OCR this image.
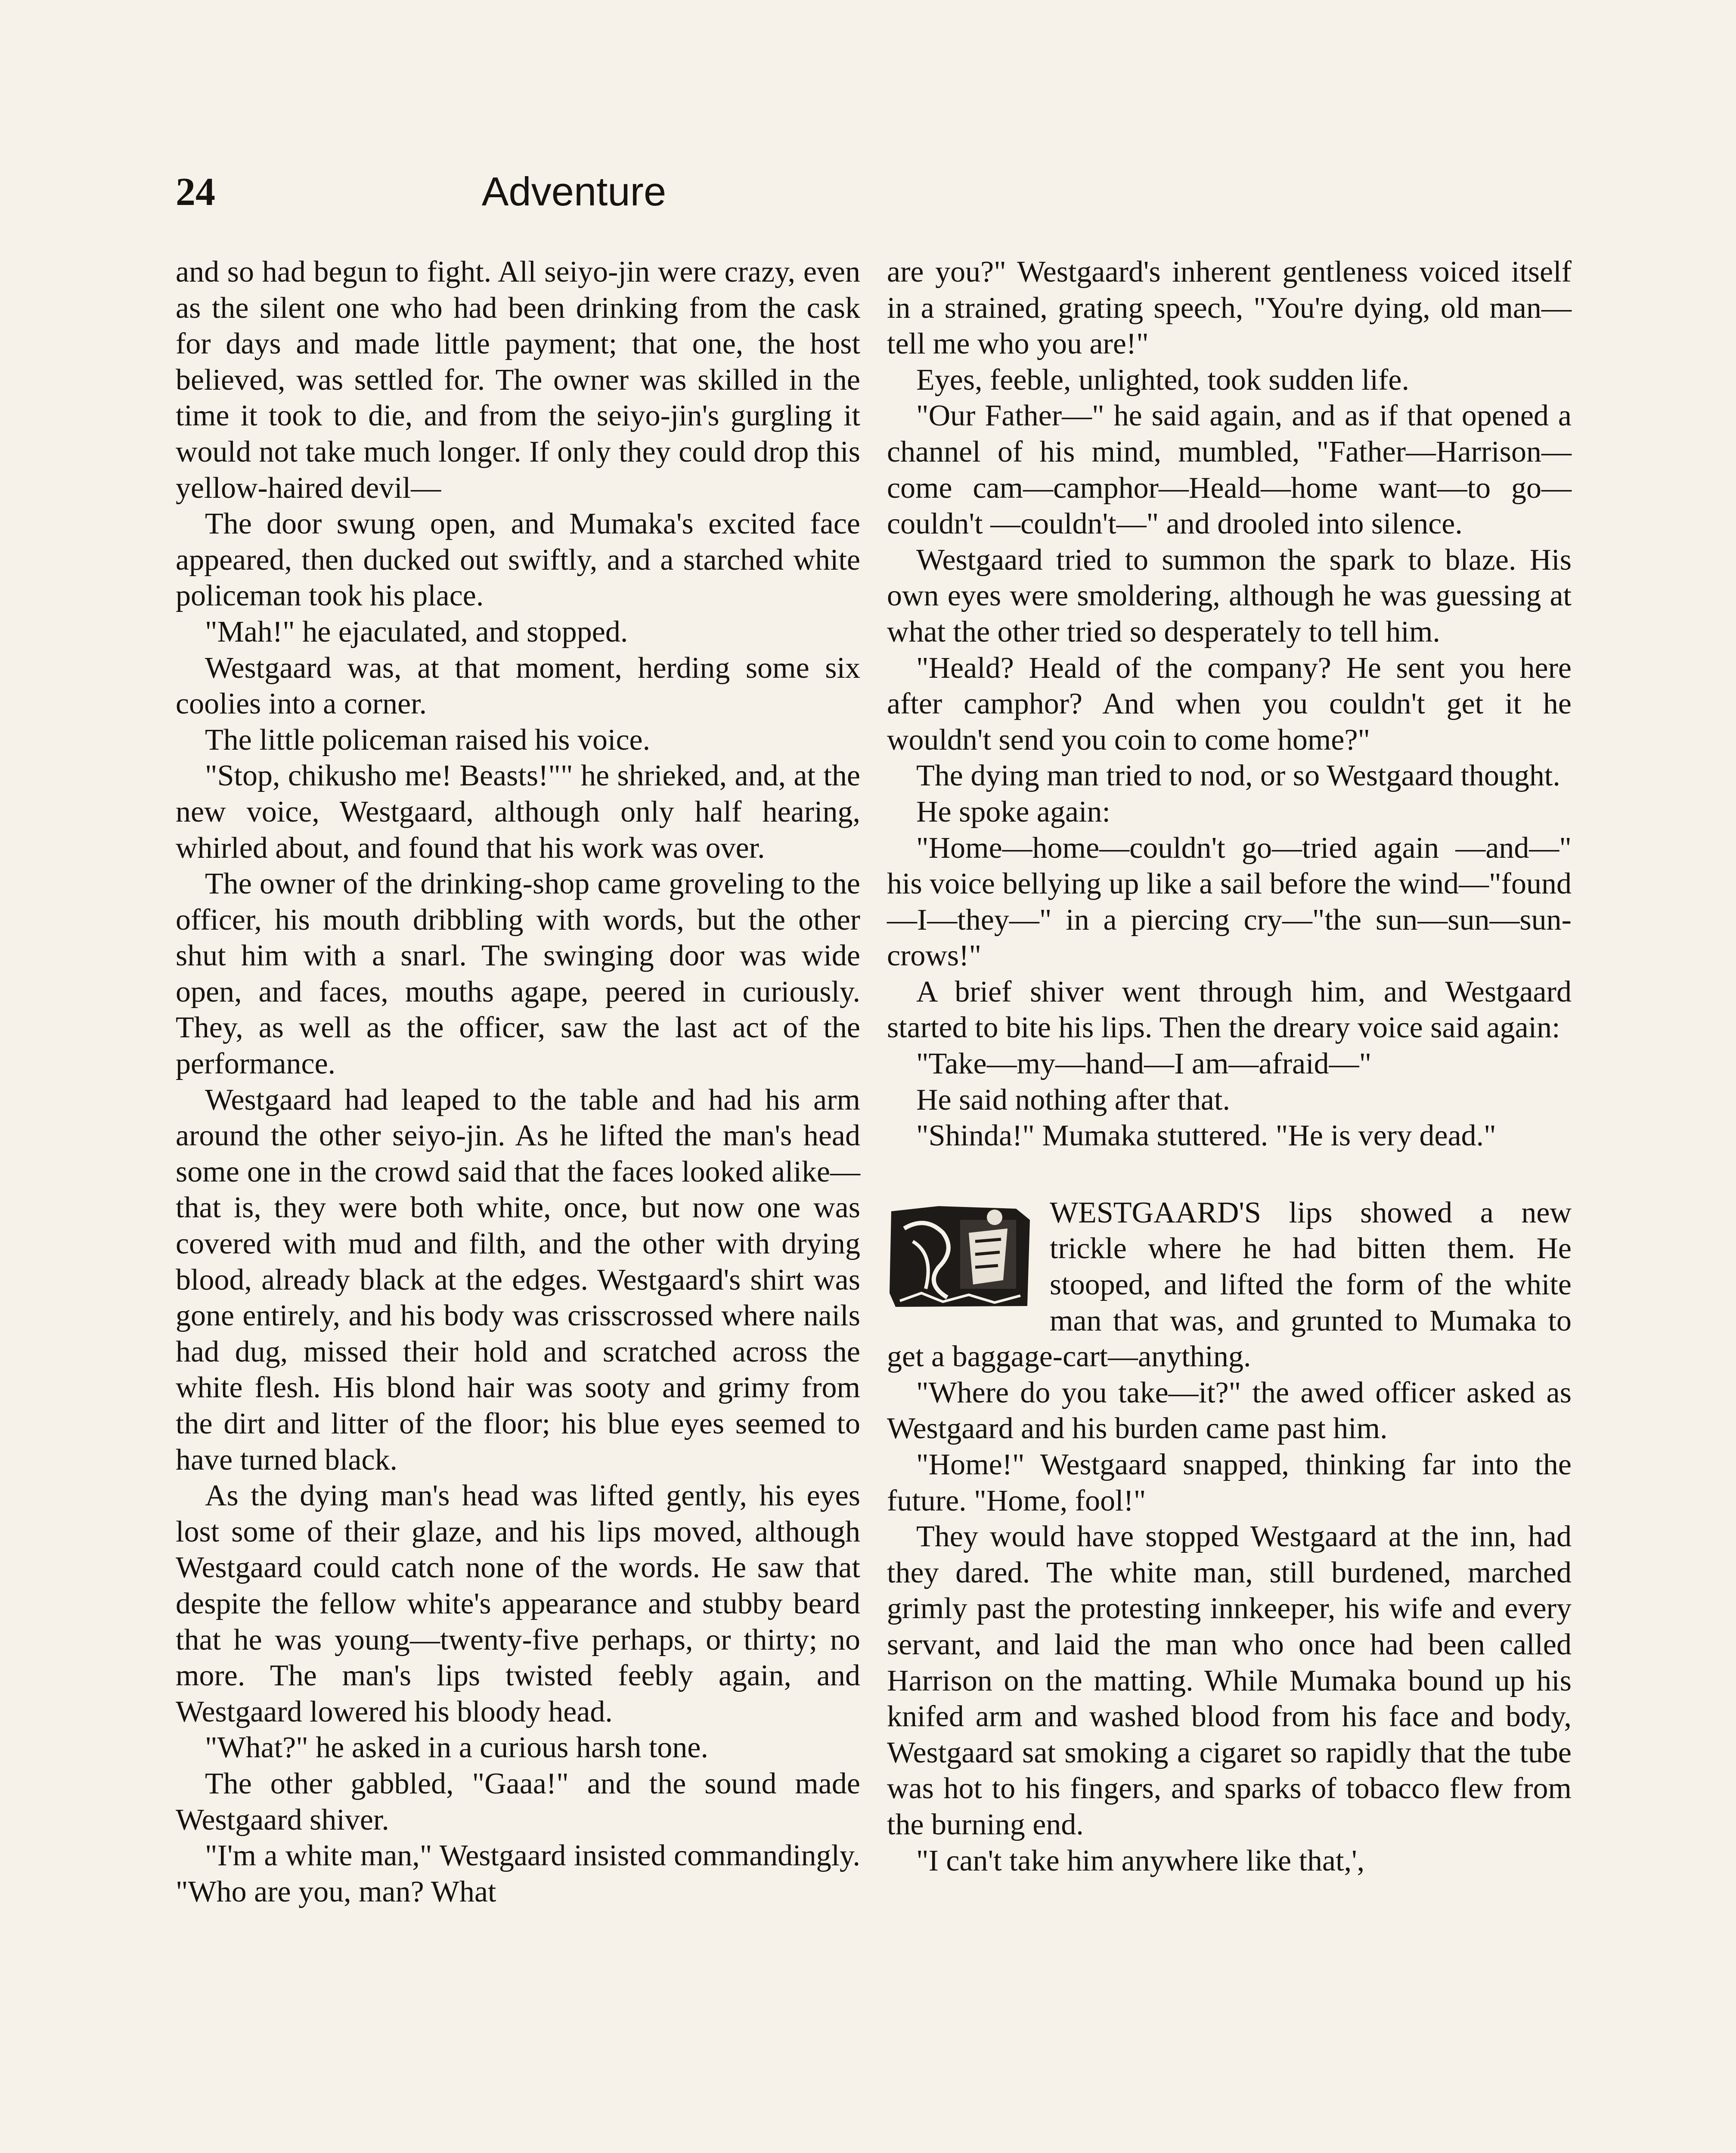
24	Adventure

and so had begun to fight. All seiyo-jin were crazy, even as the silent one who had been drinking from the cask for days and made little payment; that one, the host believed, was settled for. The owner was skilled in the time it took to die, and from the seiyo-jin's gurgling it would not take much longer. If only they could drop this yellow-haired devil—

The door swung open, and Mumaka's excited face appeared, then ducked out swiftly, and a starched white policeman took his place.

"Mah!" he ejaculated, and stopped.

Westgaard was, at that moment, herding some six coolies into a corner.

The little policeman raised his voice.

"Stop, chikusho me! Beasts!"" he shrieked, and, at the new voice, Westgaard, although only half hearing, whirled about, and found that his work was over.

The owner of the drinking-shop came groveling to the officer, his mouth dribbling with words, but the other shut him with a snarl. The swinging door was wide open, and faces, mouths agape, peered in curiously. They, as well as the officer, saw the last act of the performance.

Westgaard had leaped to the table and had his arm around the other seiyo-jin. As he lifted the man's head some one in the crowd said that the faces looked alike—that is, they were both white, once, but now one was covered with mud and filth, and the other with drying blood, already black at the edges. Westgaard's shirt was gone entirely, and his body was crisscrossed where nails had dug, missed their hold and scratched across the white flesh. His blond hair was sooty and grimy from the dirt and litter of the floor; his blue eyes seemed to have turned black.

As the dying man's head was lifted gently, his eyes lost some of their glaze, and his lips moved, although Westgaard could catch none of the words. He saw that despite the fellow white's appearance and stubby beard that he was young—twenty-five perhaps, or thirty; no more. The man's lips twisted feebly again, and Westgaard lowered his bloody head.

"What?" he asked in a curious harsh tone.

The other gabbled, "Gaaa!" and the sound made Westgaard shiver.

"I'm a white man," Westgaard insisted commandingly. "Who are you, man? What

are you?" Westgaard's inherent gentleness voiced itself in a strained, grating speech, "You're dying, old man—tell me who you are!"

Eyes, feeble, unlighted, took sudden life.

"Our Father—" he said again, and as if that opened a channel of his mind, mumbled, "Father—Harrison—come cam—camphor—Heald—home want—to go—couldn't —couldn't—" and drooled into silence.

Westgaard tried to summon the spark to blaze. His own eyes were smoldering, although he was guessing at what the other tried so desperately to tell him.

"Heald? Heald of the company? He sent you here after camphor? And when you couldn't get it he wouldn't send you coin to come home?"

The dying man tried to nod, or so Westgaard thought.

He spoke again:

"Home—home—couldn't go—tried again —and—" his voice bellying up like a sail before the wind—"found—I—they—" in a piercing cry—"the sun—sun—sun-crows!"

A brief shiver went through him, and Westgaard started to bite his lips. Then the dreary voice said again:

"Take—my—hand—I am—afraid—"

He said nothing after that.

"Shinda!" Mumaka stuttered. "He is very dead."

WESTGAARD'S lips showed a new trickle where he had bitten them. He stooped, and lifted the form of the white man that was, and grunted to Mumaka to get a baggage-cart—anything.

"Where do you take—it?" the awed officer asked as Westgaard and his burden came past him.

"Home!" Westgaard snapped, thinking far into the future. "Home, fool!"

They would have stopped Westgaard at the inn, had they dared. The white man, still burdened, marched grimly past the protesting innkeeper, his wife and every servant, and laid the man who once had been called Harrison on the matting. While Mumaka bound up his knifed arm and washed blood from his face and body, Westgaard sat smoking a cigaret so rapidly that the tube was hot to his fingers, and sparks of tobacco flew from the burning end.

"I can't take him anywhere like that,',
